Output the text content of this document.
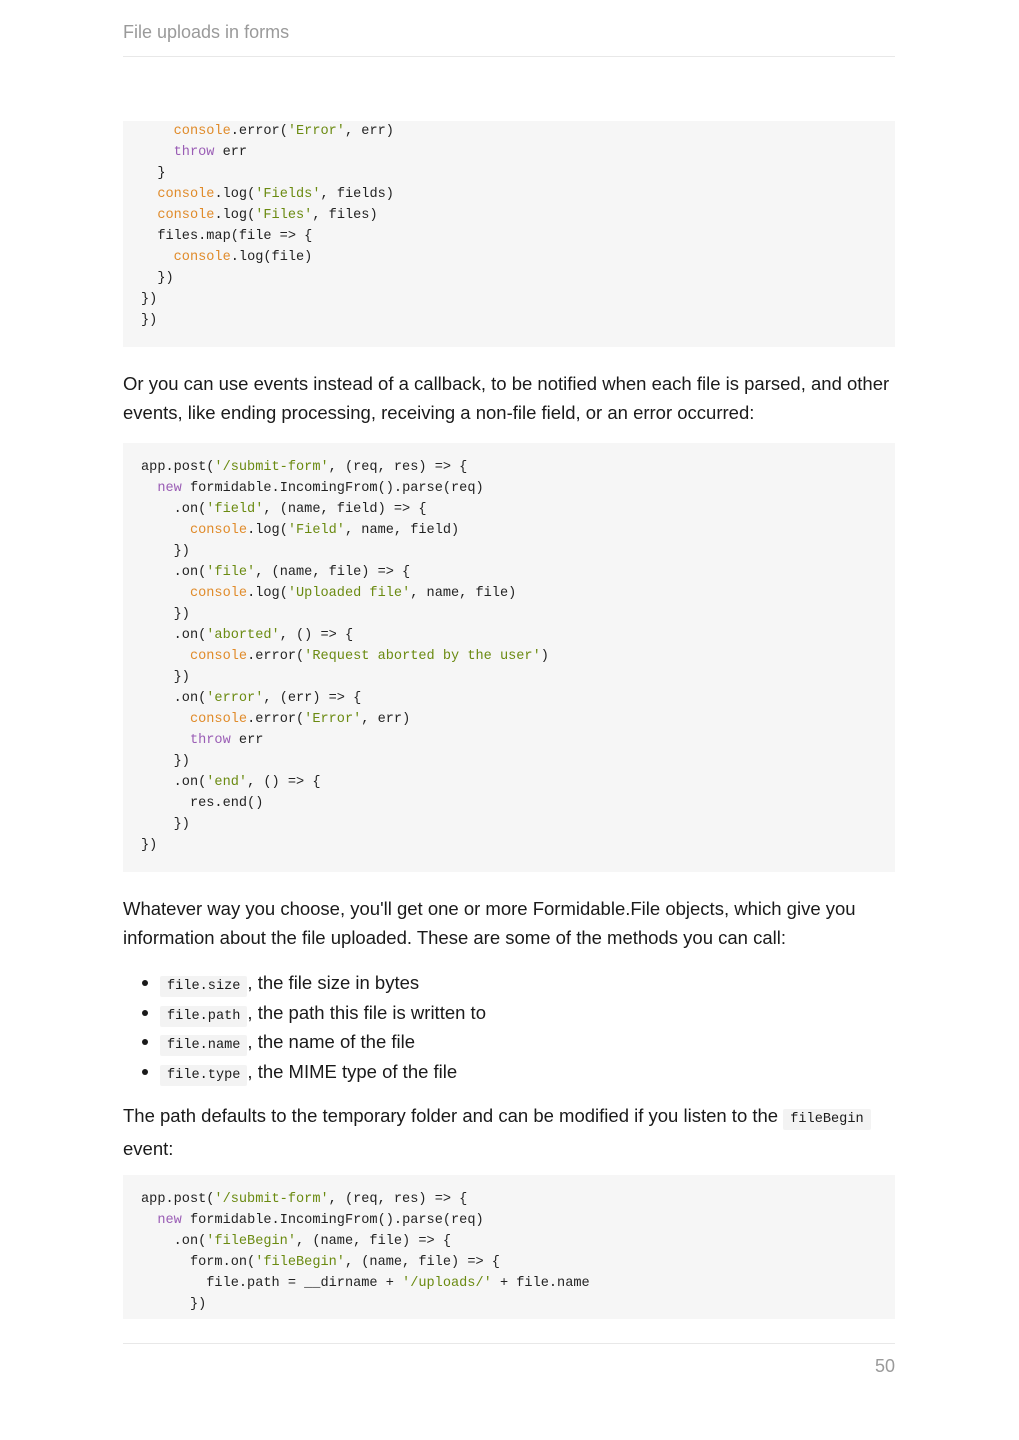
File uploads in forms
console.error('Error', err)
throw err
}
console.log('Fields', fields)
console.log('Files', files)
files.map(file => {
console.log(file)
})
})
})

Or you can use events instead of a callback, to be notified when each file is parsed, and other events, like ending processing, receiving a non-file field, or an error occurred:

app.post('/submit-form', (req, res) => {
new formidable.IncomingFrom().parse(req)
.on('field', (name, field) => {
console.log('Field', name, field)
})
.on('file', (name, file) => {
console.log('Uploaded file', name, file)
})
.on('aborted', () => {
console.error('Request aborted by the user')
})
.on('error', (err) => {
console.error('Error', err)
throw err
})
.on('end', () => {
res.end()
})
})

Whatever way you choose, you'll get one or more Formidable.File objects, which give you information about the file uploaded. These are some of the methods you can call:

file.size , the file size in bytes
file.path , the path this file is written to
file.name , the name of the file
file.type , the MIME type of the file

The path defaults to the temporary folder and can be modified if you listen to the fileBegin event:

app.post('/submit-form', (req, res) => {
new formidable.IncomingFrom().parse(req)
.on('fileBegin', (name, file) => {
form.on('fileBegin', (name, file) => {
file.path = __dirname + '/uploads/' + file.name
})
50
